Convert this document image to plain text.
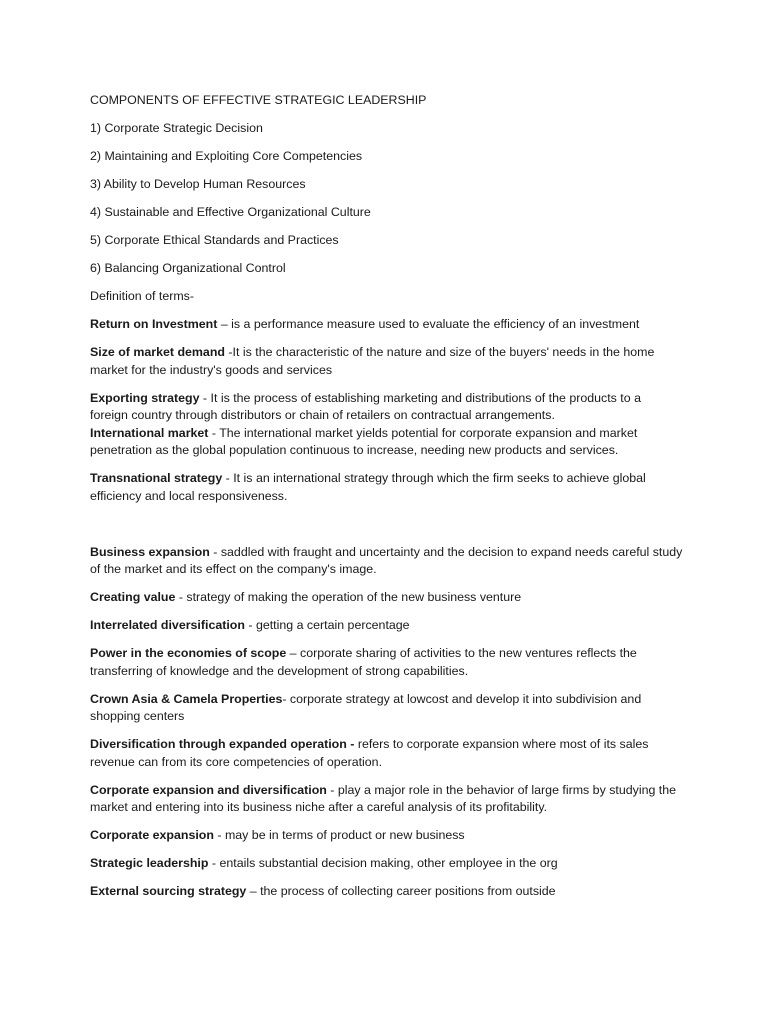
COMPONENTS OF EFFECTIVE STRATEGIC LEADERSHIP
1) Corporate Strategic Decision
2) Maintaining and Exploiting Core Competencies
3) Ability to Develop Human Resources
4) Sustainable and Effective Organizational Culture
5) Corporate Ethical Standards and Practices
6) Balancing Organizational Control
Definition of terms-
Return on Investment – is a performance measure used to evaluate the efficiency of an investment
Size of market demand -It is the characteristic of the nature and size of the buyers' needs in the home market for the industry's goods and services
Exporting strategy - It is the process of establishing marketing and distributions of the products to a foreign country through distributors or chain of retailers on contractual arrangements.
International market - The international market yields potential for corporate expansion and market penetration as the global population continuous to increase, needing new products and services.
Transnational strategy - It is an international strategy through which the firm seeks to achieve global efficiency and local responsiveness.
Business expansion - saddled with fraught and uncertainty and the decision to expand needs careful study of the market and its effect on the company's image.
Creating value - strategy of making the operation of the new business venture
Interrelated diversification - getting a certain percentage
Power in the economies of scope – corporate sharing of activities to the new ventures reflects the transferring of knowledge and the development of strong capabilities.
Crown Asia & Camela Properties- corporate strategy at lowcost and develop it into subdivision and shopping centers
Diversification through expanded operation - refers to corporate expansion where most of its sales revenue can from its core competencies of operation.
Corporate expansion and diversification - play a major role in the behavior of large firms by studying the market and entering into its business niche after a careful analysis of its profitability.
Corporate expansion - may be in terms of product or new business
Strategic leadership - entails substantial decision making, other employee in the org
External sourcing strategy – the process of collecting career positions from outside
